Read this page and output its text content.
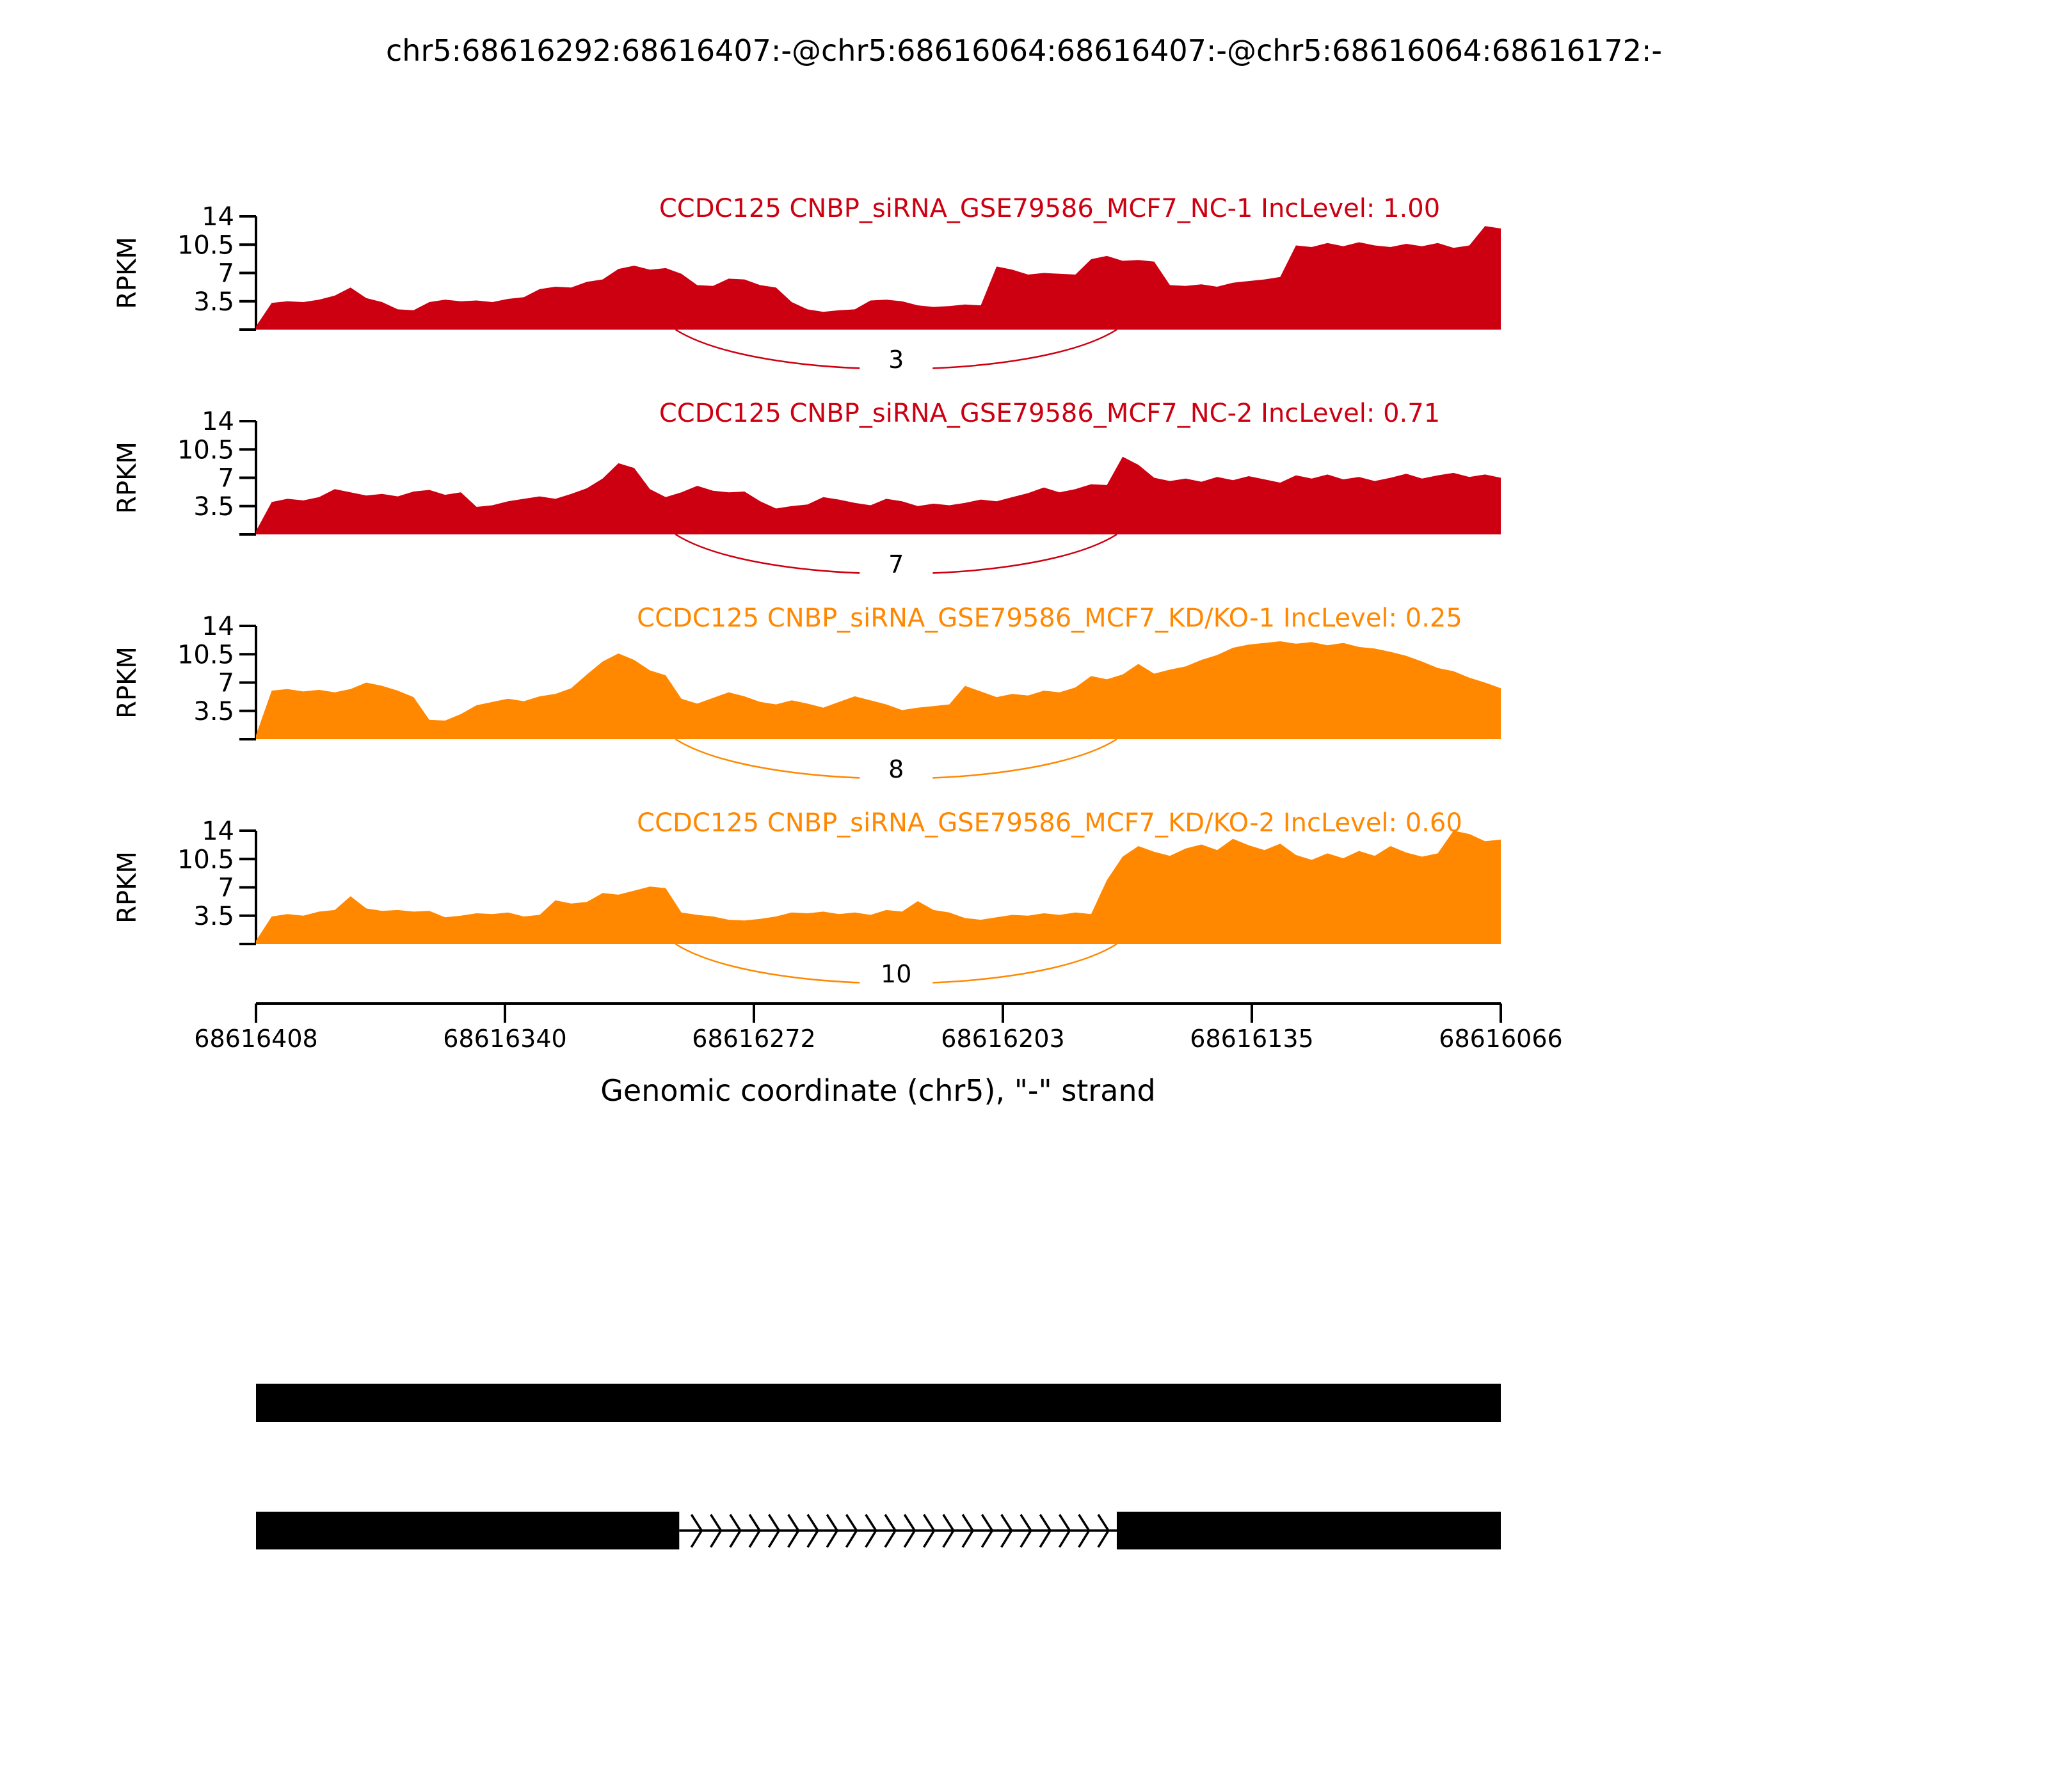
chr5:68616292:68616407:-@chr5:68616064:68616407:-@chr5:68616064:68616172:-
CCDC125 CNBP_siRNA_GSE79586_MCF7_NC-1 IncLevel: 1.00
14
10.5
7
3.5
RPKM
3
CCDC125 CNBP_siRNA_GSE79586_MCF7_NC-2 IncLevel: 0.71
14
10.5
7
3.5
RPKM
7
CCDC125 CNBP_siRNA_GSE79586_MCF7_KD/KO-1 IncLevel: 0.25
14
10.5
7
3.5
RPKM
8
CCDC125 CNBP_siRNA_GSE79586_MCF7_KD/KO-2 IncLevel: 0.60
14
10.5
7
3.5
RPKM
10
Genomic coordinate (chr5), "-" strand
68616408	68616340	68616272	68616203	68616135	68616066
